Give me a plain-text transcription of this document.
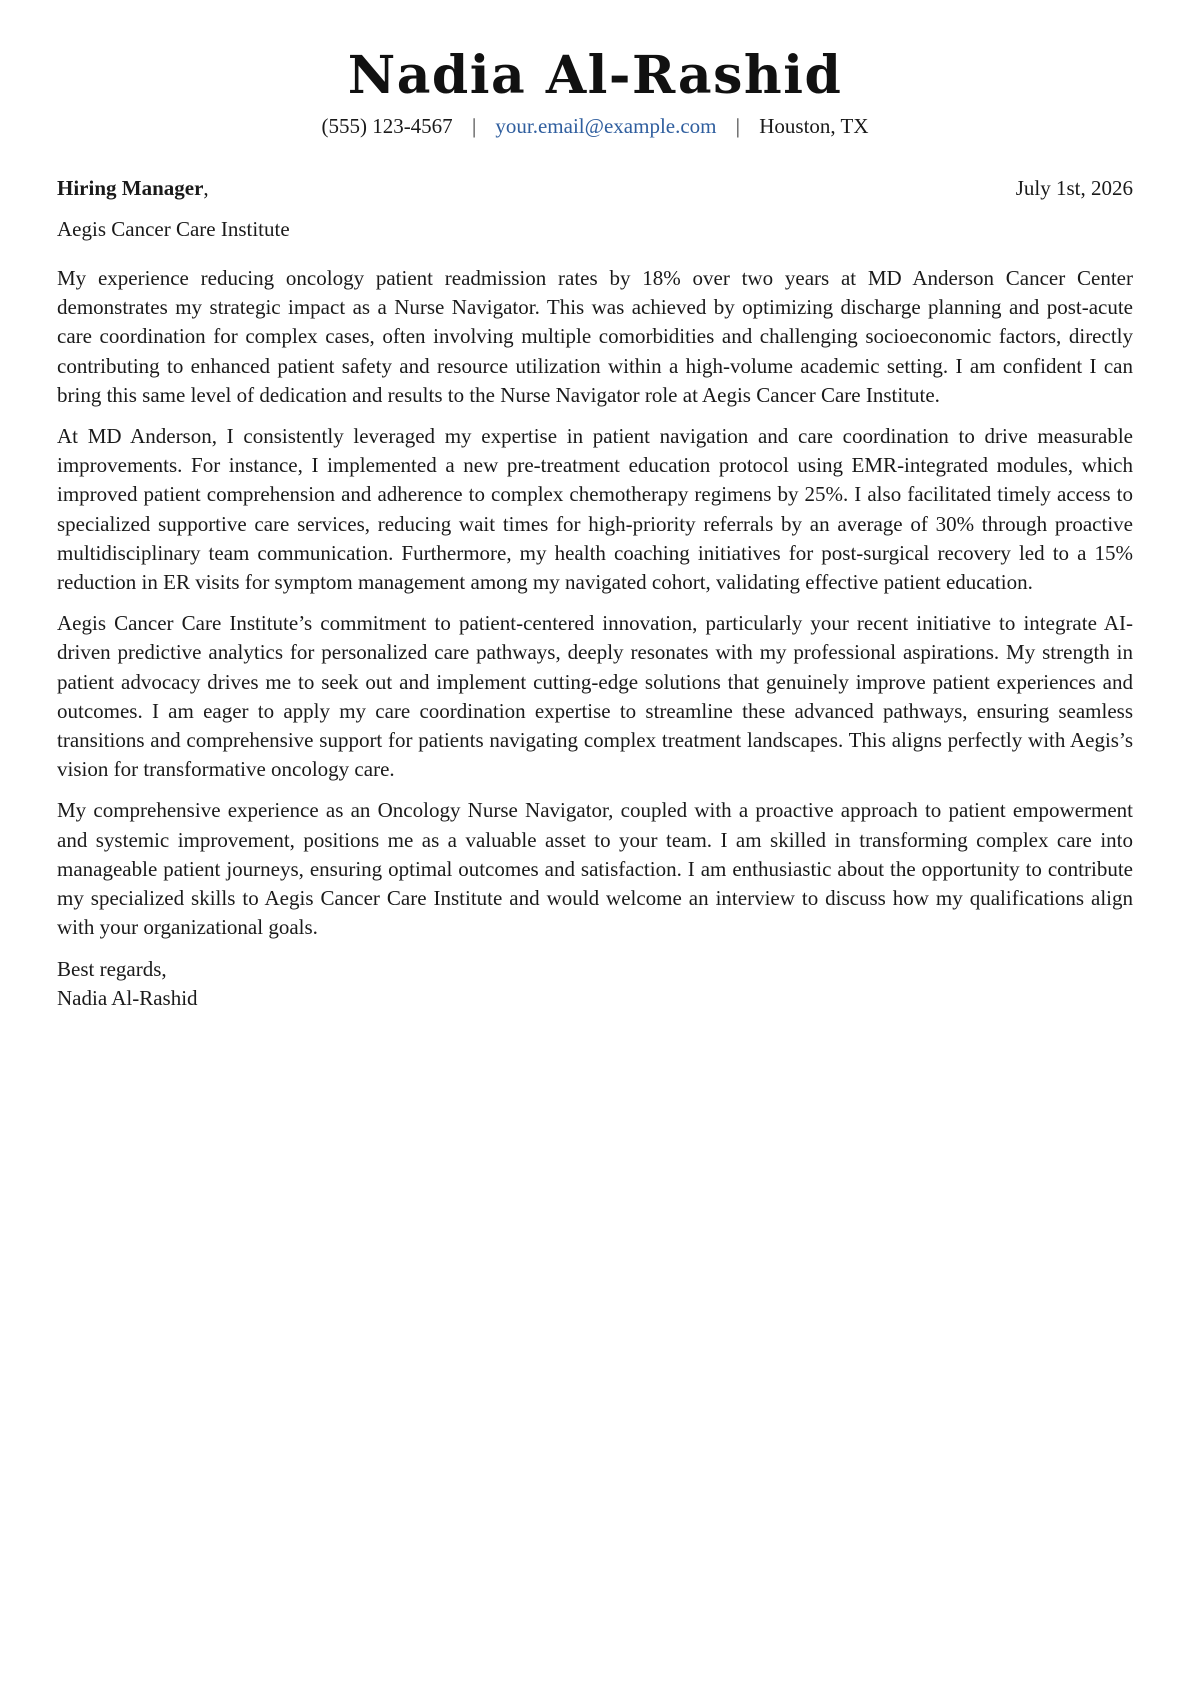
Nadia Al-Rashid
(555) 123-4567 | your.email@example.com | Houston, TX
Hiring Manager,	July 1st, 2026
Aegis Cancer Care Institute

My experience reducing oncology patient readmission rates by 18% over two years at MD Anderson Cancer Center demonstrates my strategic impact as a Nurse Navigator. This was achieved by optimizing discharge planning and post-acute care coordination for complex cases, often involving multiple comorbidities and challenging socioeconomic factors, directly contributing to enhanced patient safety and resource utilization within a high-volume academic setting. I am confident I can bring this same level of dedication and results to the Nurse Navigator role at Aegis Cancer Care Institute.

At MD Anderson, I consistently leveraged my expertise in patient navigation and care coordination to drive measurable improvements. For instance, I implemented a new pre-treatment education protocol using EMR-integrated modules, which improved patient comprehension and adherence to complex chemotherapy regimens by 25%. I also facilitated timely access to specialized supportive care services, reducing wait times for high-priority referrals by an average of 30% through proactive multidisciplinary team communication. Furthermore, my health coaching initiatives for post-surgical recovery led to a 15% reduction in ER visits for symptom management among my navigated cohort, validating effective patient education.

Aegis Cancer Care Institute’s commitment to patient-centered innovation, particularly your recent initiative to integrate AI-driven predictive analytics for personalized care pathways, deeply resonates with my professional aspirations. My strength in patient advocacy drives me to seek out and implement cutting-edge solutions that genuinely improve patient experiences and outcomes. I am eager to apply my care coordination expertise to streamline these advanced pathways, ensuring seamless transitions and comprehensive support for patients navigating complex treatment landscapes. This aligns perfectly with Aegis’s vision for transformative oncology care.

My comprehensive experience as an Oncology Nurse Navigator, coupled with a proactive approach to patient empowerment and systemic improvement, positions me as a valuable asset to your team. I am skilled in transforming complex care into manageable patient journeys, ensuring optimal outcomes and satisfaction. I am enthusiastic about the opportunity to contribute my specialized skills to Aegis Cancer Care Institute and would welcome an interview to discuss how my qualifications align with your organizational goals.

Best regards,
Nadia Al-Rashid
